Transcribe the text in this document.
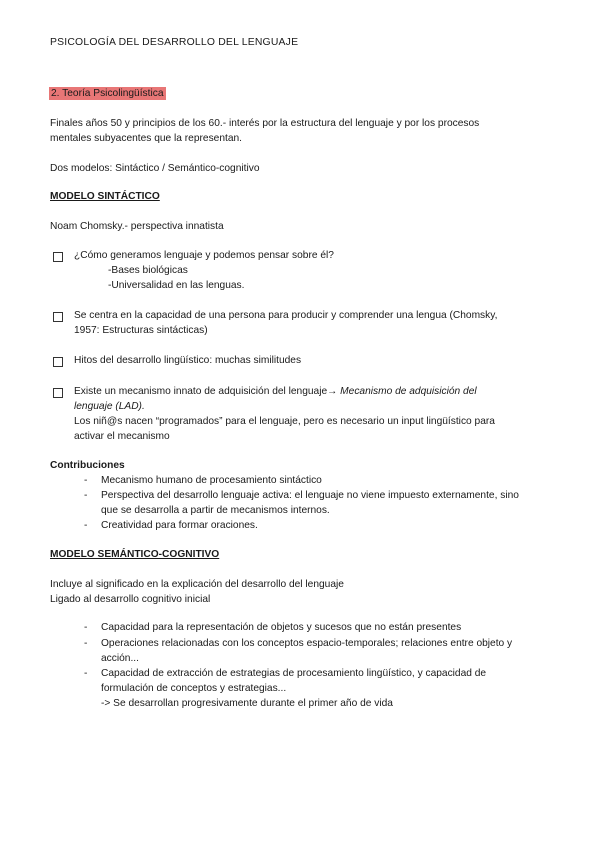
PSICOLOGÍA DEL DESARROLLO DEL LENGUAJE
2. Teoría Psicolingüística
Finales años 50 y principios de los 60.- interés por la estructura del lenguaje y por los procesos
mentales subyacentes que la representan.
Dos modelos: Sintáctico / Semántico-cognitivo
MODELO SINTÁCTICO
Noam Chomsky.- perspectiva innatista
¿Cómo generamos lenguaje y podemos pensar sobre él?
-Bases biológicas
-Universalidad en las lenguas.
Se centra en la capacidad de una persona para producir y comprender una lengua (Chomsky,
1957: Estructuras sintácticas)
Hitos del desarrollo lingüístico: muchas similitudes
Existe un mecanismo innato de adquisición del lenguaje→ Mecanismo de adquisición del
lenguaje (LAD).
Los niñ@s nacen “programados” para el lenguaje, pero es necesario un input lingüístico para
activar el mecanismo
Contribuciones
- Mecanismo humano de procesamiento sintáctico
- Perspectiva del desarrollo lenguaje activa: el lenguaje no viene impuesto externamente, sino
que se desarrolla a partir de mecanismos internos.
- Creatividad para formar oraciones.
MODELO SEMÁNTICO-COGNITIVO
Incluye al significado en la explicación del desarrollo del lenguaje
Ligado al desarrollo cognitivo inicial
- Capacidad para la representación de objetos y sucesos que no están presentes
- Operaciones relacionadas con los conceptos espacio-temporales; relaciones entre objeto y
acción...
- Capacidad de extracción de estrategias de procesamiento lingüístico, y capacidad de
formulación de conceptos y estrategias...
-> Se desarrollan progresivamente durante el primer año de vida
